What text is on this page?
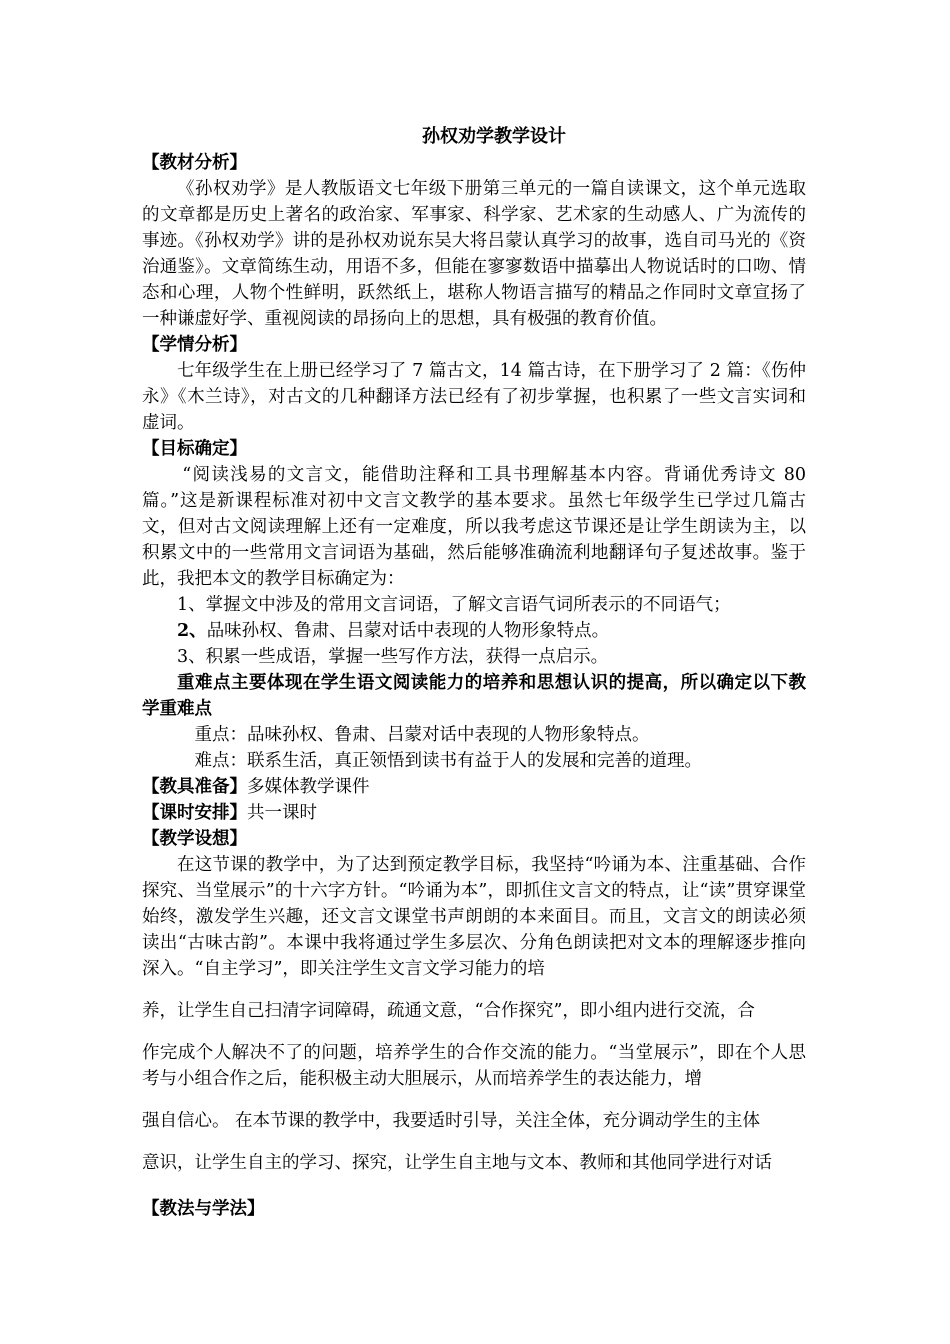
孙权劝学教学设计

【教材分析】

《孙权劝学》是人教版语文七年级下册第三单元的一篇自读课文，这个单元选取的文章都是历史上著名的政治家、军事家、科学家、艺术家的生动感人、广为流传的事迹。《孙权劝学》讲的是孙权劝说东吴大将吕蒙认真学习的故事，选自司马光的《资治通鉴》。文章简练生动，用语不多，但能在寥寥数语中描摹出人物说话时的口吻、情态和心理，人物个性鲜明，跃然纸上，堪称人物语言描写的精品之作同时文章宣扬了一种谦虚好学、重视阅读的昂扬向上的思想，具有极强的教育价值。

【学情分析】

七年级学生在上册已经学习了 7 篇古文，14 篇古诗，在下册学习了 2 篇：《伤仲永》《木兰诗》，对古文的几种翻译方法已经有了初步掌握，也积累了一些文言实词和虚词。

【目标确定】

“阅读浅易的文言文，能借助注释和工具书理解基本内容。背诵优秀诗文 80 篇。”这是新课程标准对初中文言文教学的基本要求。虽然七年级学生已学过几篇古文，但对古文阅读理解上还有一定难度，所以我考虑这节课还是让学生朗读为主，以积累文中的一些常用文言词语为基础，然后能够准确流利地翻译句子复述故事。鉴于此，我把本文的教学目标确定为：

1、掌握文中涉及的常用文言词语，了解文言语气词所表示的不同语气；

2、品味孙权、鲁肃、吕蒙对话中表现的人物形象特点。

3、积累一些成语，掌握一些写作方法，获得一点启示。

重难点主要体现在学生语文阅读能力的培养和思想认识的提高，所以确定以下教学重难点

重点：品味孙权、鲁肃、吕蒙对话中表现的人物形象特点。

难点：联系生活，真正领悟到读书有益于人的发展和完善的道理。

【教具准备】多媒体教学课件

【课时安排】共一课时

【教学设想】

在这节课的教学中，为了达到预定教学目标，我坚持“吟诵为本、注重基础、合作探究、当堂展示”的十六字方针。“吟诵为本”，即抓住文言文的特点，让“读”贯穿课堂始终，激发学生兴趣，还文言文课堂书声朗朗的本来面目。而且，文言文的朗读必须读出“古味古韵”。本课中我将通过学生多层次、分角色朗读把对文本的理解逐步推向深入。“自主学习”，即关注学生文言文学习能力的培

养，让学生自己扫清字词障碍，疏通文意，“合作探究”，即小组内进行交流，合

作完成个人解决不了的问题，培养学生的合作交流的能力。“当堂展示”，即在个人思考与小组合作之后，能积极主动大胆展示，从而培养学生的表达能力，增

强自信心。 在本节课的教学中，我要适时引导，关注全体，充分调动学生的主体

意识，让学生自主的学习、探究，让学生自主地与文本、教师和其他同学进行对话

【教法与学法】
